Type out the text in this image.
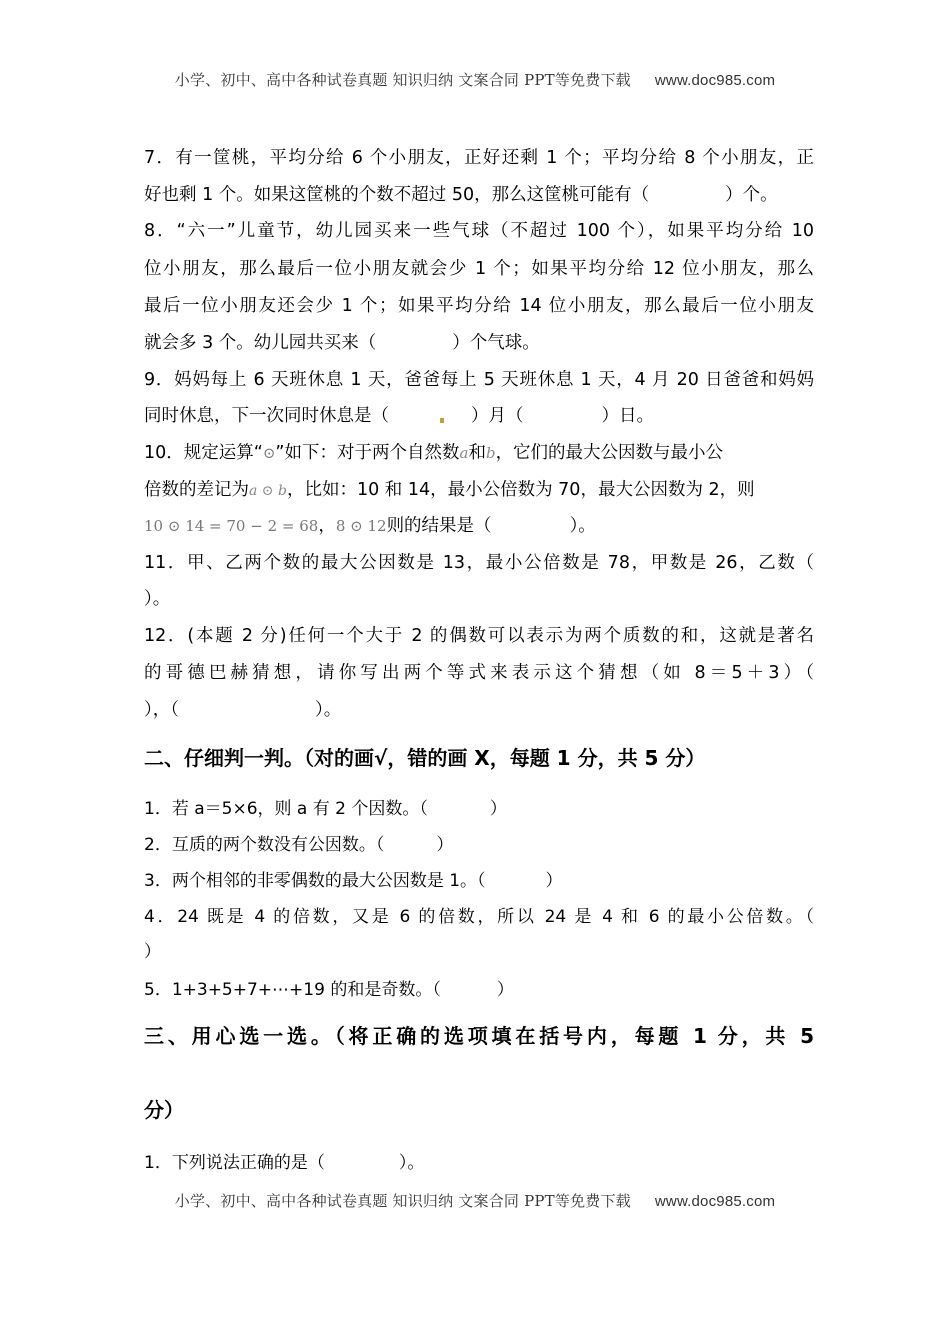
小学、初中、高中各种试卷真题 知识归纳 文案合同 PPT等免费下载 www.doc985.com
7．有一筐桃，平均分给 6 个小朋友，正好还剩 1 个；平均分给 8 个小朋友，正
好也剩 1 个。如果这筐桃的个数不超过 50，那么这筐桃可能有（	）个。
8．“六一”儿童节，幼儿园买来一些气球（不超过 100 个），如果平均分给 10
位小朋友，那么最后一位小朋友就会少 1 个；如果平均分给 12 位小朋友，那么
最后一位小朋友还会少 1 个；如果平均分给 14 位小朋友，那么最后一位小朋友
就会多 3 个。幼儿园共买来（	）个气球。
9．妈妈每上 6 天班休息 1 天，爸爸每上 5 天班休息 1 天，4 月 20 日爸爸和妈妈
同时休息，下一次同时休息是（	）月（	）日。
10．规定运算“⊙”如下：对于两个自然数a和b，它们的最大公因数与最小公
倍数的差记为a ⊙ b，比如：10 和 14，最小公倍数为 70，最大公因数为 2，则
10 ⊙ 14 = 70 − 2 = 68，8 ⊙ 12则的结果是（	）。
11．甲、乙两个数的最大公因数是 13，最小公倍数是 78，甲数是 26，乙数（
）。
12．(本题 2 分)任何一个大于 2 的偶数可以表示为两个质数的和，这就是著名
的哥德巴赫猜想，请你写出两个等式来表示这个猜想（如 8＝5＋3）（
），（	）。
二、仔细判一判。（对的画√，错的画 X，每题 1 分，共 5 分）
1．若 a＝5×6，则 a 有 2 个因数。（	）
2．互质的两个数没有公因数。（	）
3．两个相邻的非零偶数的最大公因数是 1。（	）
4．24 既是 4 的倍数，又是 6 的倍数，所以 24 是 4 和 6 的最小公倍数。（
）
5．1+3+5+7+⋯+19 的和是奇数。（	）
三、用心选一选。（将正确的选项填在括号内，每题 1 分，共 5
分）
1．下列说法正确的是（	）。
小学、初中、高中各种试卷真题 知识归纳 文案合同 PPT等免费下载 www.doc985.com
